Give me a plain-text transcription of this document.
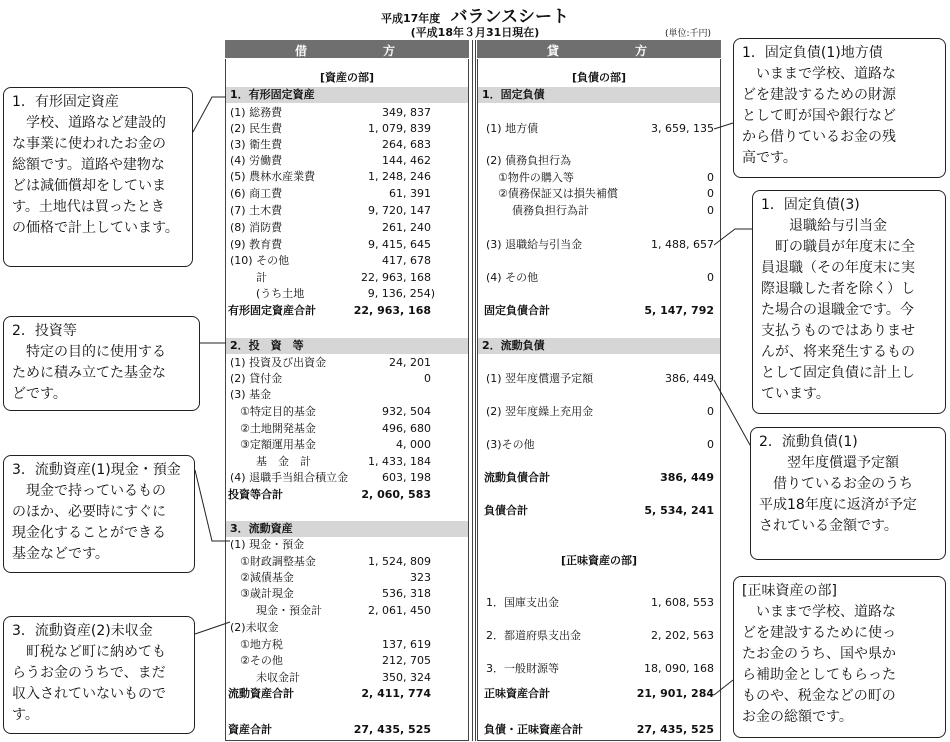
平成17年度 バランスシート
(平成18年３月31日現在)	(単位:千円)
借	方	貸	方
[資産の部]
1．有形固定資産
(1) 総務費	349, 837
(2) 民生費	1, 079, 839
(3) 衛生費	264, 683
(4) 労働費	144, 462
(5) 農林水産業費	1, 248, 246
(6) 商工費	61, 391
(7) 土木費	9, 720, 147
(8) 消防費	261, 240
(9) 教育費	9, 415, 645
(10) その他	417, 678
計	22, 963, 168
(うち土地	9, 136, 254)
有形固定資産合計	22, 963, 168
2．投　資　等
(1) 投資及び出資金	24, 201
(2) 貸付金	0
(3) 基金
①特定目的基金	932, 504
②土地開発基金	496, 680
③定額運用基金	4, 000
基　金　計	1, 433, 184
(4) 退職手当組合積立金	603, 198
投資等合計	2, 060, 583
3．流動資産
(1) 現金・預金
①財政調整基金	1, 524, 809
②減債基金	323
③歳計現金	536, 318
現金・預金計	2, 061, 450
(2)未収金
①地方税	137, 619
②その他	212, 705
未収金計	350, 324
流動資産合計	2, 411, 774
資産合計	27, 435, 525
[負債の部]
1．固定負債
(1) 地方債	3, 659, 135
(2) 債務負担行為
①物件の購入等	0
②債務保証又は損失補償	0
債務負担行為計	0
(3) 退職給与引当金	1, 488, 657
(4) その他	0
固定負債合計	5, 147, 792
2．流動負債
(1) 翌年度償還予定額	386, 449
(2) 翌年度繰上充用金	0
(3)その他	0
流動負債合計	386, 449
負債合計	5, 534, 241
[正味資産の部]
1．国庫支出金	1, 608, 553
2．都道府県支出金	2, 202, 563
3．一般財源等	18, 090, 168
正味資産合計	21, 901, 284
負債・正味資産合計	27, 435, 525
1．有形固定資産
　学校、道路など建設的
な事業に使われたお金の
総額です。道路や建物な
どは減価償却をしていま
す。土地代は買ったとき
の価格で計上しています。
2．投資等
　特定の目的に使用する
ために積み立てた基金な
どです。
3．流動資産(1)現金・預金
　現金で持っているもの
のほか、必要時にすぐに
現金化することができる
基金などです。
3．流動資産(2)未収金
　町税など町に納めても
らうお金のうちで、まだ
収入されていないもので
す。
1．固定負債(1)地方債
　いままで学校、道路な
どを建設するための財源
として町が国や銀行など
から借りているお金の残
高です。
1．固定負債(3)
　　退職給与引当金
　町の職員が年度末に全
員退職（その年度末に実
際退職した者を除く）し
た場合の退職金です。今
支払うものではありませ
んが、将来発生するもの
として固定負債に計上し
ています。
2．流動負債(1)
　　翌年度償還予定額
　借りているお金のうち
平成18年度に返済が予定
されている金額です。
[正味資産の部]
　いままで学校、道路な
どを建設するために使っ
たお金のうち、国や県か
ら補助金としてもらった
ものや、税金などの町の
お金の総額です。
